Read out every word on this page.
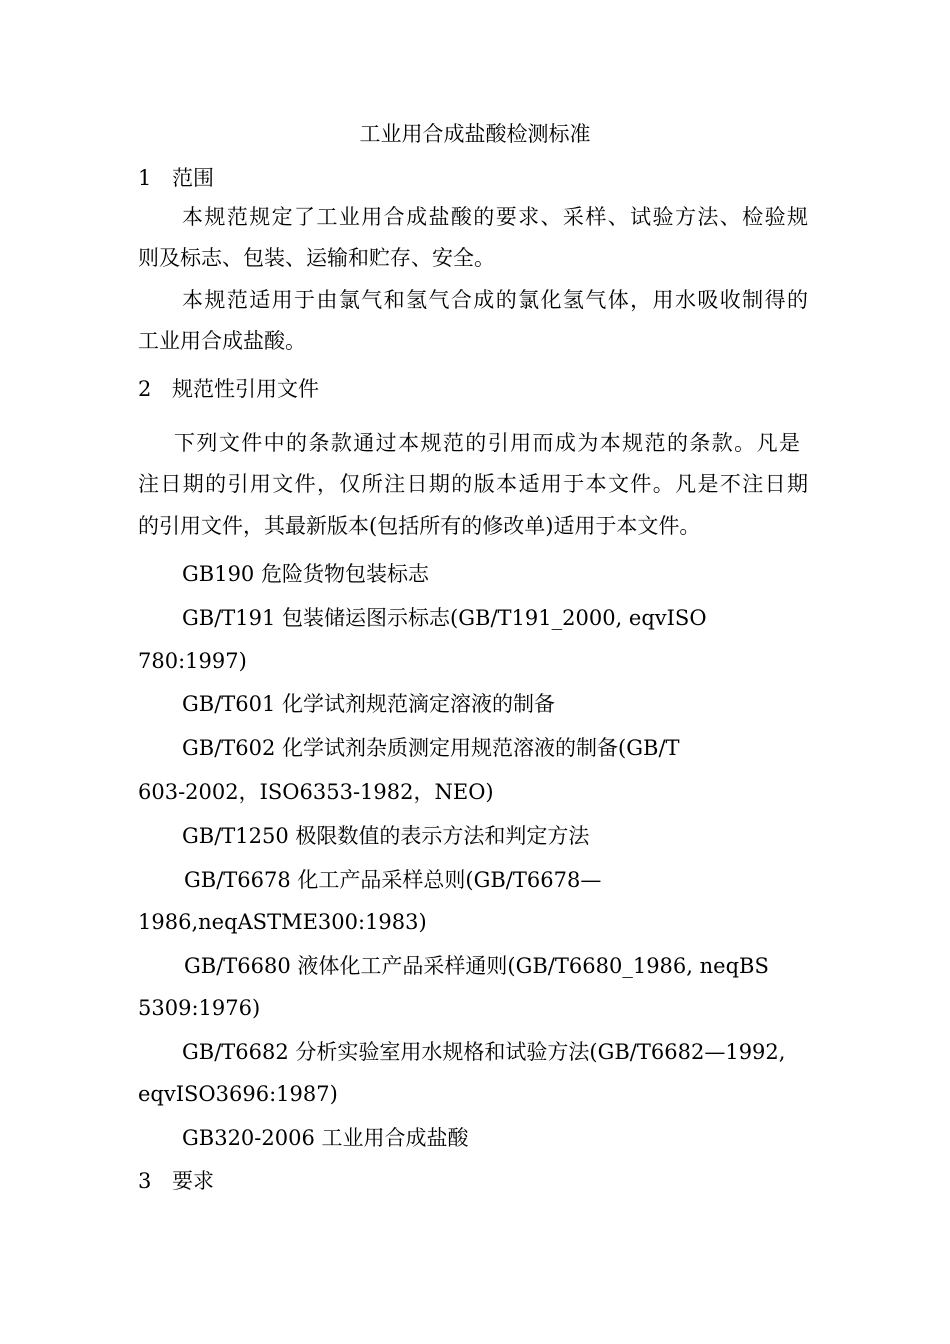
工业用合成盐酸检测标准

1 范围

本规范规定了工业用合成盐酸的要求、采样、试验方法、检验规

则及标志、包装、运输和贮存、安全。

本规范适用于由氯气和氢气合成的氯化氢气体，用水吸收制得的

工业用合成盐酸。

2 规范性引用文件

下列文件中的条款通过本规范的引用而成为本规范的条款。凡是

注日期的引用文件，仅所注日期的版本适用于本文件。凡是不注日期

的引用文件，其最新版本(包括所有的修改单)适用于本文件。

GB190 危险货物包装标志

GB/T191 包装储运图示标志(GB/T191_2000, eqvISO

780:1997)

GB/T601 化学试剂规范滴定溶液的制备

GB/T602 化学试剂杂质测定用规范溶液的制备(GB/T

603-2002，ISO6353-1982，NEO)

GB/T1250 极限数值的表示方法和判定方法

GB/T6678 化工产品采样总则(GB/T6678—

1986,neqASTME300:1983)

GB/T6680 液体化工产品采样通则(GB/T6680_1986, neqBS

5309:1976)

GB/T6682 分析实验室用水规格和试验方法(GB/T6682—1992,

eqvISO3696:1987)

GB320-2006 工业用合成盐酸

3 要求
